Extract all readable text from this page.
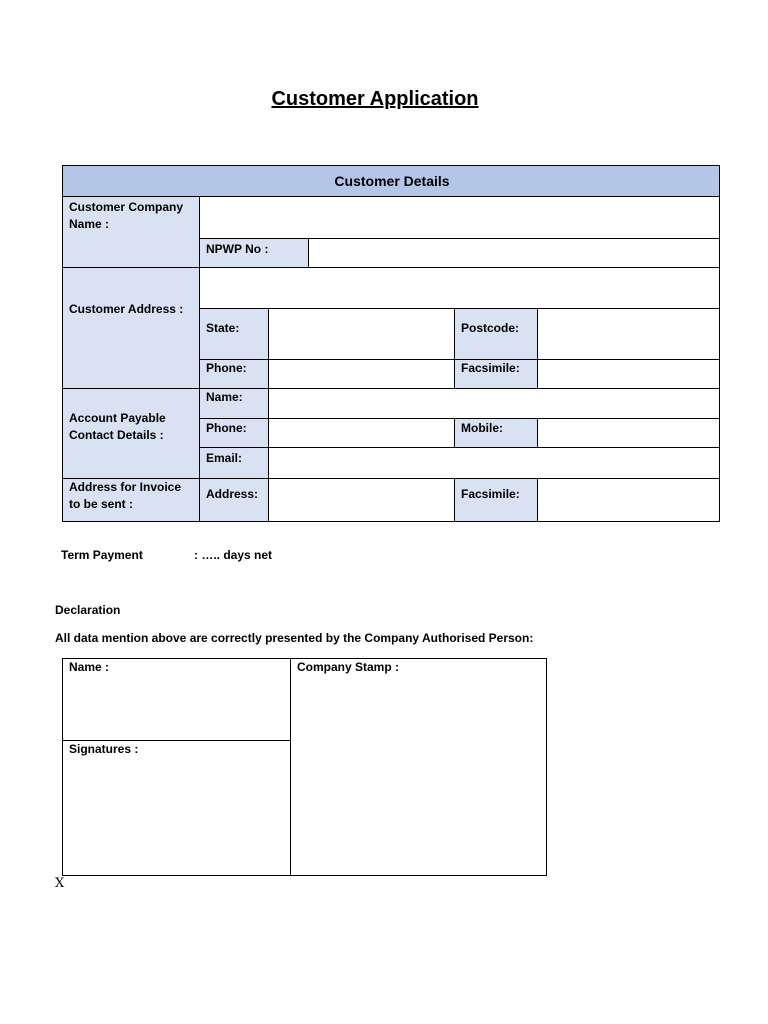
Customer Application
Customer Details
Customer Company Name :
NPWP No :
Customer Address :
State:	Postcode:
Phone:	Facsimile:
Account Payable Contact Details :
Name:
Phone:	Mobile:
Email:
Address for Invoice to be sent :
Address:	Facsimile:
Term Payment	: ….. days net
Declaration
All data mention above are correctly presented by the Company Authorised Person:
Name :
Signatures :
Company Stamp :
X
